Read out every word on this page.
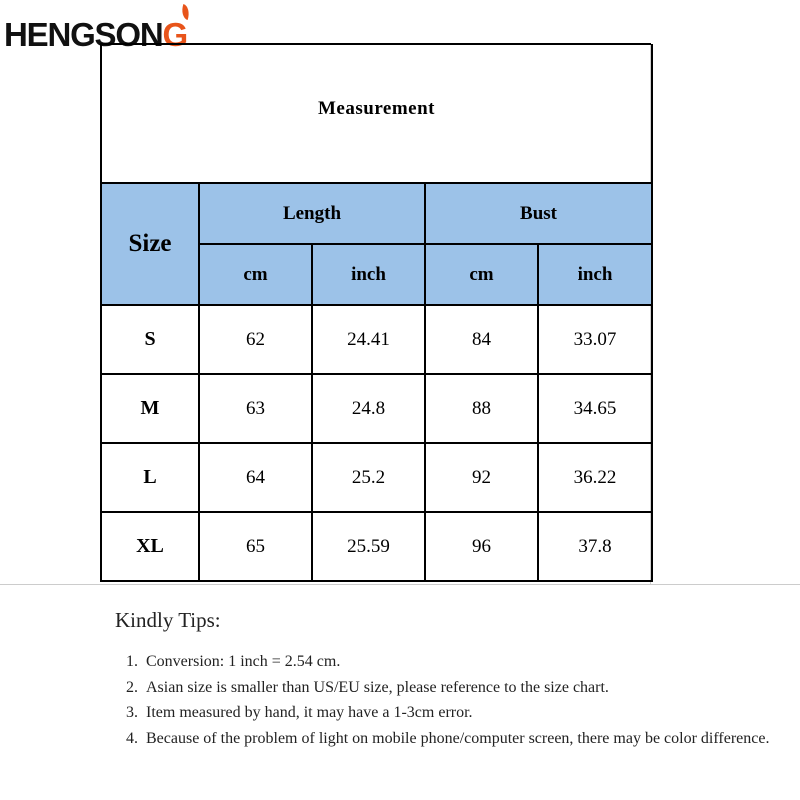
HENGSONG
Measurement				
Size	Length		Bust	
	cm	inch	cm	inch
S	62	24.41	84	33.07
M	63	24.8	88	34.65
L	64	25.2	92	36.22
XL	65	25.59	96	37.8
Kindly Tips:
1. Conversion: 1 inch = 2.54 cm.
2. Asian size is smaller than US/EU size, please reference to the size chart.
3. Item measured by hand, it may have a 1-3cm error.
4. Because of the problem of light on mobile phone/computer screen, there may be color difference.
